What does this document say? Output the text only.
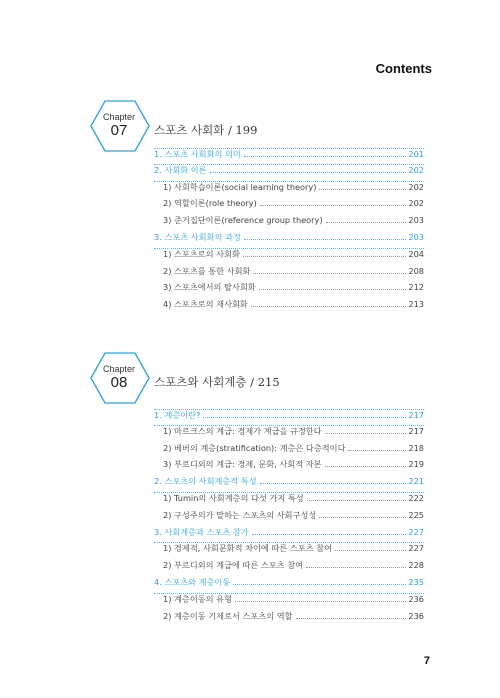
Contents
Chapter
07	스포츠 사회화 / 199
1. 스포츠 사회화의 의미	201
2. 사회화 이론	202
1) 사회학습이론(social learning theory)	202
2) 역할이론(role theory)	202
3) 준거집단이론(reference group theory)	203
3. 스포츠 사회화의 과정	203
1) 스포츠로의 사회화	204
2) 스포츠를 통한 사회화	208
3) 스포츠에서의 탈사회화	212
4) 스포츠로의 재사회화	213
Chapter
08	스포츠와 사회계층 / 215
1. 계층이란?	217
1) 마르크스의 계급: 경제가 계급을 규정한다	217
2) 베버의 계층(stratification): 계층은 다층적이다	218
3) 부르디외의 계급: 경제, 문화, 사회적 자본	219
2. 스포츠의 사회계층적 특성	221
1) Tumin의 사회계층의 다섯 가지 특성	222
2) 구성주의가 말하는 스포츠의 사회구성성	225
3. 사회계층과 스포츠 참가	227
1) 경제적, 사회문화적 차이에 따른 스포츠 참여	227
2) 부르디외의 계급에 따른 스포츠 참여	228
4. 스포츠와 계층이동	235
1) 계층이동의 유형	236
2) 계층이동 기제로서 스포츠의 역할	236
7
